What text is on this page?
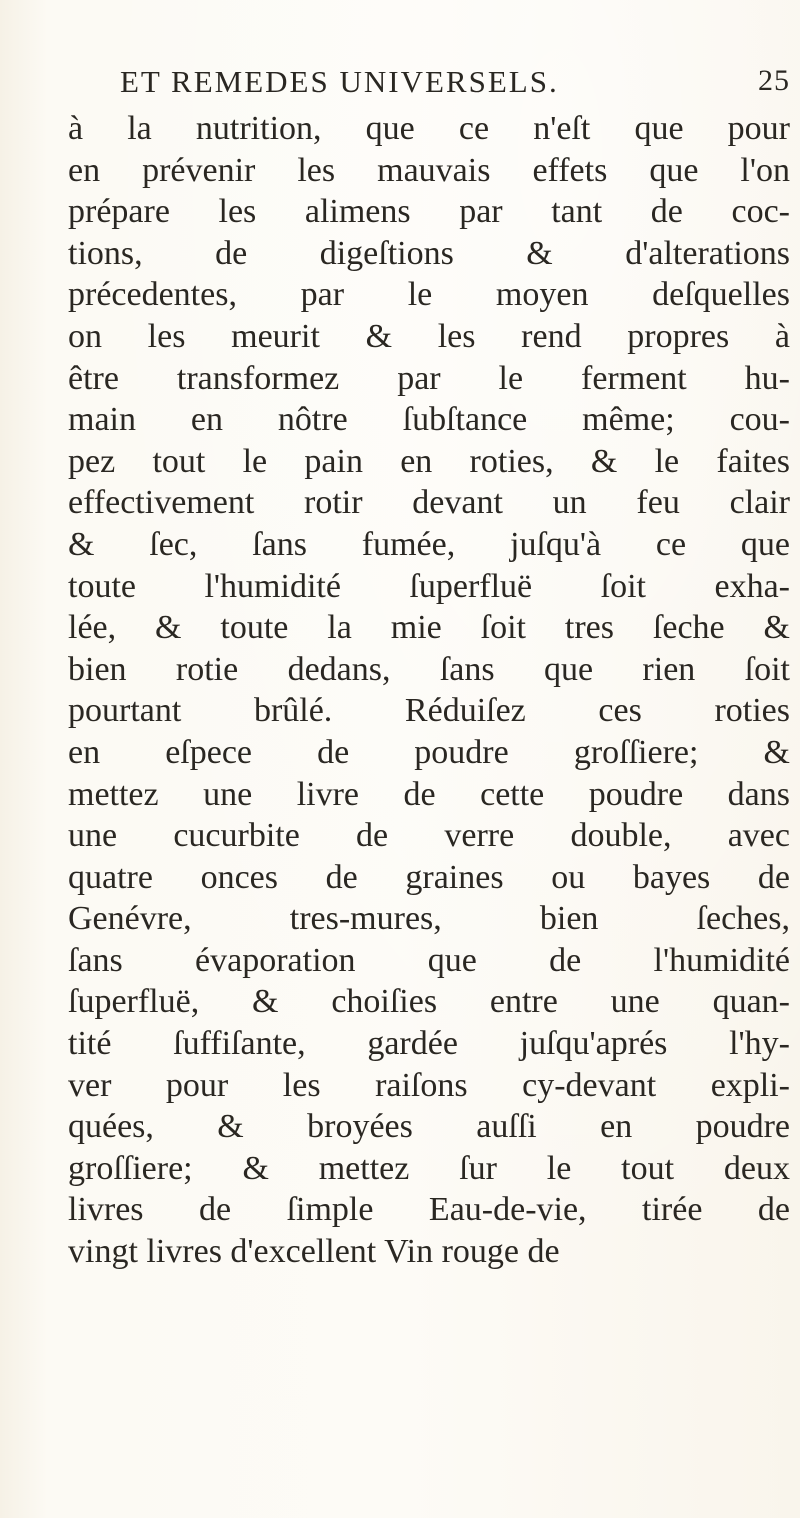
ET REMEDES UNIVERSELS.	25
à la nutrition, que ce n'eſt que pour
en prévenir les mauvais effets que l'on
prépare les alimens par tant de coc-
tions, de digeſtions & d'alterations
précedentes, par le moyen deſquelles
on les meurit & les rend propres à
être transformez par le ferment hu-
main en nôtre ſubſtance même; cou-
pez tout le pain en roties, & le faites
effectivement rotir devant un feu clair
& ſec, ſans fumée, juſqu'à ce que
toute l'humidité ſuperfluë ſoit exha-
lée, & toute la mie ſoit tres ſeche &
bien rotie dedans, ſans que rien ſoit
pourtant brûlé. Réduiſez ces roties
en eſpece de poudre groſſiere; &
mettez une livre de cette poudre dans
une cucurbite de verre double, avec
quatre onces de graines ou bayes de
Genévre, tres-mures, bien ſeches,
ſans évaporation que de l'humidité
ſuperfluë, & choiſies entre une quan-
tité ſuffiſante, gardée juſqu'aprés l'hy-
ver pour les raiſons cy-devant expli-
quées, & broyées auſſi en poudre
groſſiere; & mettez ſur le tout deux
livres de ſimple Eau-de-vie, tirée de
vingt livres d'excellent Vin rouge de
